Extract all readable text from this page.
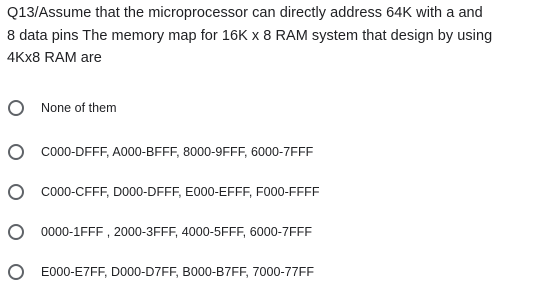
Q13/Assume that the microprocessor can directly address 64K with a and
8 data pins The memory map for 16K x 8 RAM system that design by using
4Kx8 RAM are
None of them
C000-DFFF, A000-BFFF, 8000-9FFF, 6000-7FFF
C000-CFFF, D000-DFFF, E000-EFFF, F000-FFFF
0000-1FFF , 2000-3FFF, 4000-5FFF, 6000-7FFF
E000-E7FF, D000-D7FF, B000-B7FF, 7000-77FF
